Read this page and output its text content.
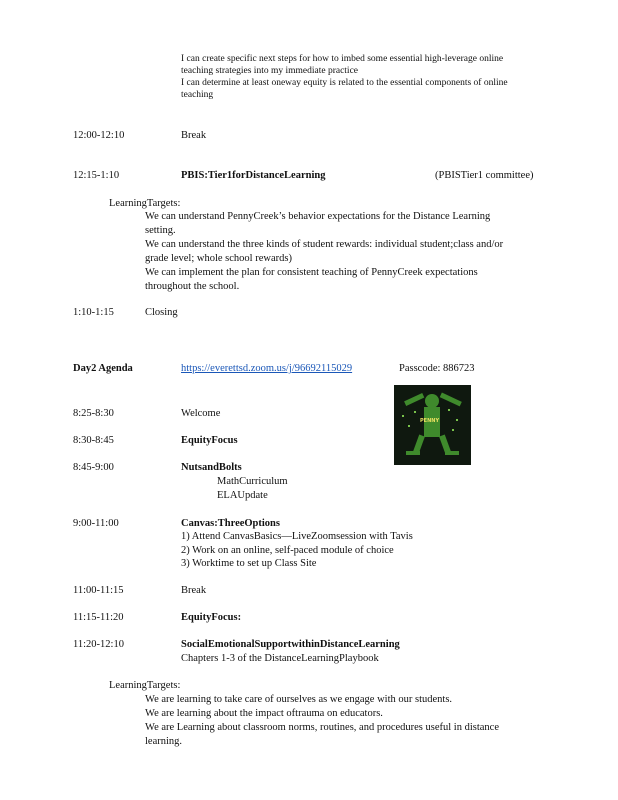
I can create specific next steps for how to imbed some essential high-leverage online
teaching strategies into my immediate practice
I can determine at least oneway equity is related to the essential components of online
teaching
12:00-12:10	Break
12:15-1:10	PBIS:Tier1forDistanceLearning	(PBISTier1 committee)
LearningTargets:
We can understand PennyCreek’s behavior expectations for the Distance Learning
setting.
We can understand the three kinds of student rewards: individual student;class and/or
grade level; whole school rewards)
We can implement the plan for consistent teaching of PennyCreek expectations
throughout the school.
1:10-1:15	Closing
Day2 Agenda	https://everettsd.zoom.us/j/96692115029	Passcode: 886723
PENNY
8:25-8:30	Welcome
8:30-8:45	EquityFocus
8:45-9:00	NutsandBolts
MathCurriculum
ELAUpdate
9:00-11:00	Canvas:ThreeOptions
1) Attend CanvasBasics—LiveZoomsession with Tavis
2) Work on an online, self-paced module of choice
3) Worktime to set up Class Site
11:00-11:15	Break
11:15-11:20	EquityFocus:
11:20-12:10	SocialEmotionalSupportwithinDistanceLearning
Chapters 1-3 of the DistanceLearningPlaybook
LearningTargets:
We are learning to take care of ourselves as we engage with our students.
We are learning about the impact oftrauma on educators.
We are Learning about classroom norms, routines, and procedures useful in distance
learning.
